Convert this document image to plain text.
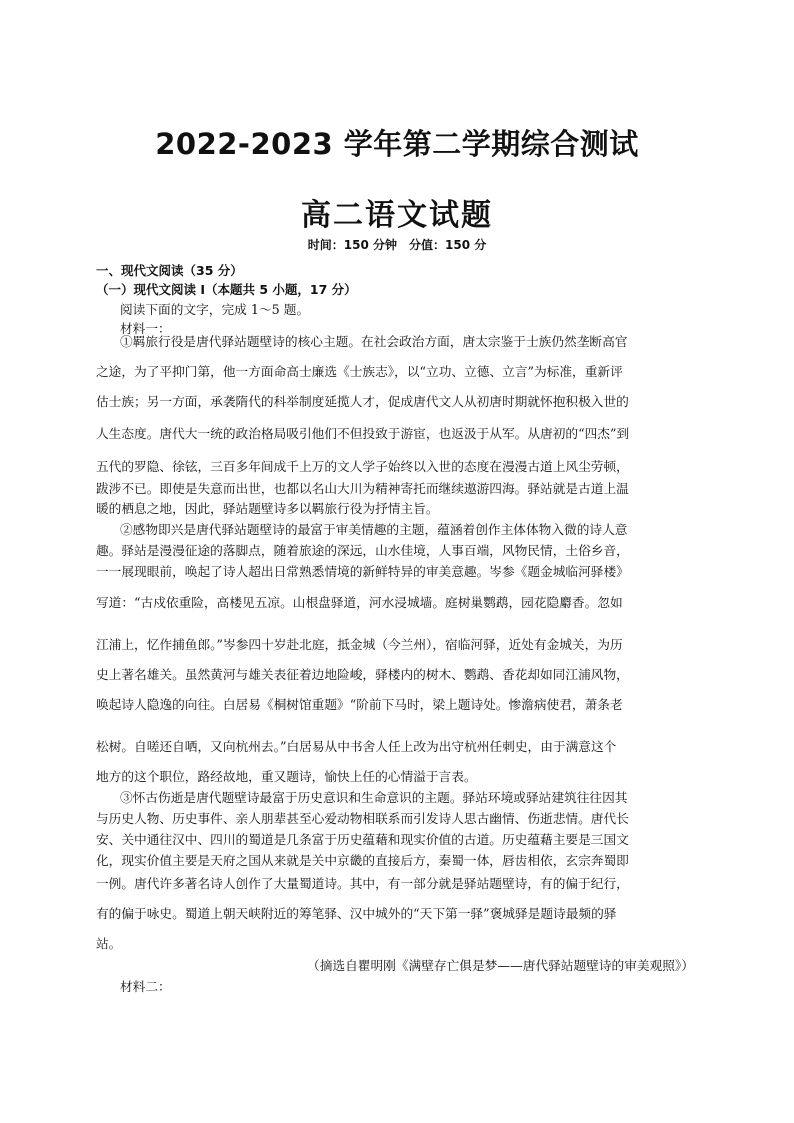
2022-2023 学年第二学期综合测试
高二语文试题
时间：150 分钟　分值：150 分
一、现代文阅读（35 分）
（一）现代文阅读 I（本题共 5 小题，17 分）
阅读下面的文字，完成 1～5 题。
材料一：
①羁旅行役是唐代驿站题壁诗的核心主题。在社会政治方面，唐太宗鉴于士族仍然垄断高官
之途，为了平抑门第，他一方面命高士廉选《士族志》，以“立功、立德、立言”为标准，重新评
估士族；另一方面，承袭隋代的科举制度延揽人才，促成唐代文人从初唐时期就怀抱积极入世的
人生态度。唐代大一统的政治格局吸引他们不但投致于游宦，也返汲于从军。从唐初的“四杰”到
五代的罗隐、徐铉，三百多年间成千上万的文人学子始终以入世的态度在漫漫古道上风尘劳顿，
跋涉不已。即使是失意而出世，也都以名山大川为精神寄托而继续遨游四海。驿站就是古道上温
暖的栖息之地，因此，驿站题壁诗多以羁旅行役为抒情主旨。
②感物即兴是唐代驿站题壁诗的最富于审美情趣的主题，蕴涵着创作主体体物入微的诗人意
趣。驿站是漫漫征途的落脚点，随着旅途的深远，山水佳境，人事百端，风物民情，土俗乡音，
一一展现眼前，唤起了诗人超出日常熟悉情境的新鲜特异的审美意趣。岑参《题金城临河驿楼》
写道：“古戍依重险，高楼见五凉。山根盘驿道，河水浸城墙。庭树巢鹦鹉，园花隐麝香。忽如
江浦上，忆作捕鱼郎。”岑参四十岁赴北庭，抵金城（今兰州），宿临河驿，近处有金城关，为历
史上著名雄关。虽然黄河与雄关表征着边地险峻，驿楼内的树木、鹦鹉、香花却如同江浦风物，
唤起诗人隐逸的向往。白居易《桐树馆重题》“阶前下马时，梁上题诗处。惨澹病使君，萧条老
松树。自嗟还自哂，又向杭州去。”白居易从中书舍人任上改为出守杭州任刺史，由于满意这个
地方的这个职位，路经故地，重又题诗，愉快上任的心情溢于言表。
③怀古伤逝是唐代题壁诗最富于历史意识和生命意识的主题。驿站环境或驿站建筑往往因其
与历史人物、历史事件、亲人朋辈甚至心爱动物相联系而引发诗人思古幽情、伤逝悲情。唐代长
安、关中通往汉中、四川的蜀道是几条富于历史蕴藉和现实价值的古道。历史蕴藉主要是三国文
化，现实价值主要是天府之国从来就是关中京畿的直接后方，秦蜀一体，唇齿相依，玄宗奔蜀即
一例。唐代许多著名诗人创作了大量蜀道诗。其中，有一部分就是驿站题壁诗，有的偏于纪行，
有的偏于咏史。蜀道上朝天峡附近的筹笔驿、汉中城外的“天下第一驿”褒城驿是题诗最频的驿
站。
（摘选自瞿明刚《满壁存亡俱是梦——唐代驿站题壁诗的审美观照》）
材料二：
